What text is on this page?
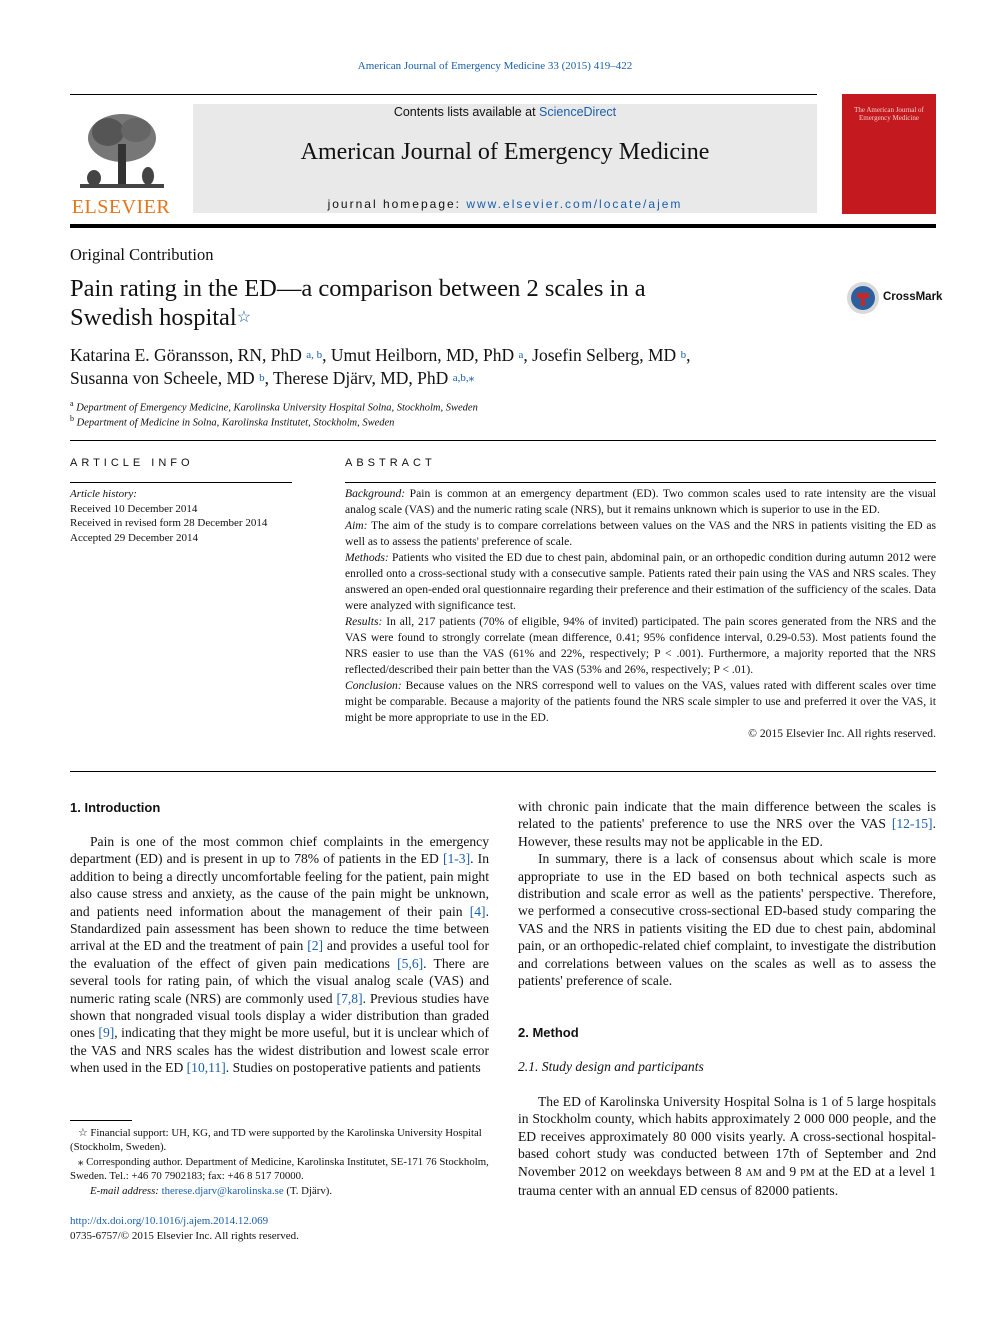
American Journal of Emergency Medicine 33 (2015) 419–422
ELSEVIER
Contents lists available at ScienceDirect
American Journal of Emergency Medicine
journal homepage: www.elsevier.com/locate/ajem
The American Journal of Emergency Medicine
Original Contribution
Pain rating in the ED—a comparison between 2 scales in a
Swedish hospital☆
CrossMark
Katarina E. Göransson, RN, PhD $^{a, b}$, Umut Heilborn, MD, PhD $^a$, Josefin Selberg, MD $^b$,
Susanna von Scheele, MD $^b$, Therese Djärv, MD, PhD $^{a,b,⁎}$
$^a$ Department of Emergency Medicine, Karolinska University Hospital Solna, Stockholm, Sweden
$^b$ Department of Medicine in Solna, Karolinska Institutet, Stockholm, Sweden
ARTICLE INFO
Article history:
Received 10 December 2014
Received in revised form 28 December 2014
Accepted 29 December 2014
ABSTRACT

Background: Pain is common at an emergency department (ED). Two common scales used to rate intensity are the visual analog scale (VAS) and the numeric rating scale (NRS), but it remains unknown which is superior to use in the ED.

Aim: The aim of the study is to compare correlations between values on the VAS and the NRS in patients visiting the ED as well as to assess the patients' preference of scale.

Methods: Patients who visited the ED due to chest pain, abdominal pain, or an orthopedic condition during autumn 2012 were enrolled onto a cross-sectional study with a consecutive sample. Patients rated their pain using the VAS and NRS scales. They answered an open-ended oral questionnaire regarding their preference and their estimation of the sufficiency of the scales. Data were analyzed with significance test.

Results: In all, 217 patients (70% of eligible, 94% of invited) participated. The pain scores generated from the NRS and the VAS were found to strongly correlate (mean difference, 0.41; 95% confidence interval, 0.29-0.53). Most patients found the NRS easier to use than the VAS (61% and 22%, respectively; P < .001). Furthermore, a majority reported that the NRS reflected/described their pain better than the VAS (53% and 26%, respectively; P < .01).

Conclusion: Because values on the NRS correspond well to values on the VAS, values rated with different scales over time might be comparable. Because a majority of the patients found the NRS scale simpler to use and preferred it over the VAS, it might be more appropriate to use in the ED.

© 2015 Elsevier Inc. All rights reserved.

1. Introduction

Pain is one of the most common chief complaints in the emergency department (ED) and is present in up to 78% of patients in the ED [1-3]. In addition to being a directly uncomfortable feeling for the patient, pain might also cause stress and anxiety, as the cause of the pain might be unknown, and patients need information about the management of their pain [4]. Standardized pain assessment has been shown to reduce the time between arrival at the ED and the treatment of pain [2] and provides a useful tool for the evaluation of the effect of given pain medications [5,6]. There are several tools for rating pain, of which the visual analog scale (VAS) and numeric rating scale (NRS) are commonly used [7,8]. Previous studies have shown that nongraded visual tools display a wider distribution than graded ones [9], indicating that they might be more useful, but it is unclear which of the VAS and NRS scales has the widest distribution and lowest scale error when used in the ED [10,11]. Studies on postoperative patients and patients

☆ Financial support: UH, KG, and TD were supported by the Karolinska University Hospital (Stockholm, Sweden).

⁎ Corresponding author. Department of Medicine, Karolinska Institutet, SE-171 76 Stockholm, Sweden. Tel.: +46 70 7902183; fax: +46 8 517 70000.

E-mail address: therese.djarv@karolinska.se (T. Djärv).

http://dx.doi.org/10.1016/j.ajem.2014.12.069
0735-6757/© 2015 Elsevier Inc. All rights reserved.

with chronic pain indicate that the main difference between the scales is related to the patients' preference to use the NRS over the VAS [12-15]. However, these results may not be applicable in the ED.

In summary, there is a lack of consensus about which scale is more appropriate to use in the ED based on both technical aspects such as distribution and scale error as well as the patients' perspective. Therefore, we performed a consecutive cross-sectional ED-based study comparing the VAS and the NRS in patients visiting the ED due to chest pain, abdominal pain, or an orthopedic-related chief complaint, to investigate the distribution and correlations between values on the scales as well as to assess the patients' preference of scale.

2. Method
2.1. Study design and participants

The ED of Karolinska University Hospital Solna is 1 of 5 large hospitals in Stockholm county, which habits approximately 2 000 000 people, and the ED receives approximately 80 000 visits yearly. A cross-sectional hospital-based cohort study was conducted between 17th of September and 2nd November 2012 on weekdays between 8 AM and 9 PM at the ED at a level 1 trauma center with an annual ED census of 82000 patients.
